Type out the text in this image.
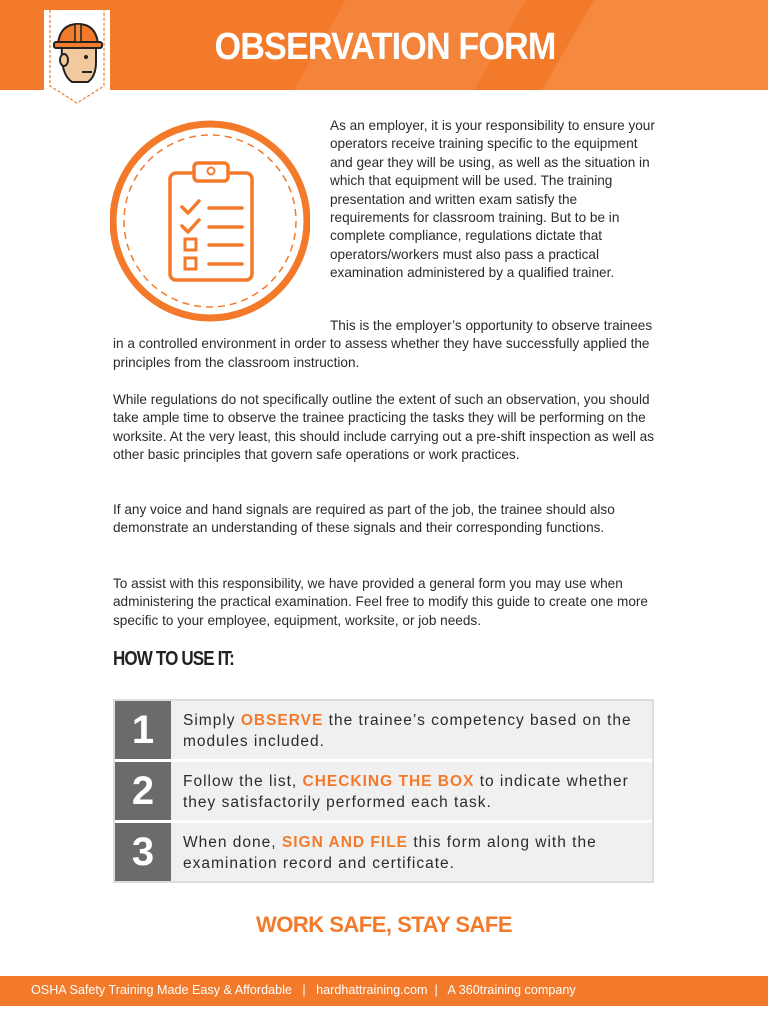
OBSERVATION FORM
As an employer, it is your responsibility to ensure your operators receive training specific to the equipment and gear they will be using, as well as the situation in which that equipment will be used. The training presentation and written exam satisfy the requirements for classroom training. But to be in complete compliance, regulations dictate that operators/workers must also pass a practical examination administered by a qualified trainer.
This is the employer’s opportunity to observe trainees in a controlled environment in order to assess whether they have successfully applied the principles from the classroom instruction.
While regulations do not specifically outline the extent of such an observation, you should take ample time to observe the trainee practicing the tasks they will be performing on the worksite. At the very least, this should include carrying out a pre-shift inspection as well as other basic principles that govern safe operations or work practices.
If any voice and hand signals are required as part of the job, the trainee should also demonstrate an understanding of these signals and their corresponding functions.
To assist with this responsibility, we have provided a general form you may use when administering the practical examination. Feel free to modify this guide to create one more specific to your employee, equipment, worksite, or job needs.
HOW TO USE IT:
1	Simply OBSERVE the trainee’s competency based on the modules included.
2	Follow the list, CHECKING THE BOX to indicate whether they satisfactorily performed each task.
3	When done, SIGN AND FILE this form along with the examination record and certificate.
WORK SAFE, STAY SAFE
OSHA Safety Training Made Easy & Affordable   |   hardhattraining.com  |   A 360training company
